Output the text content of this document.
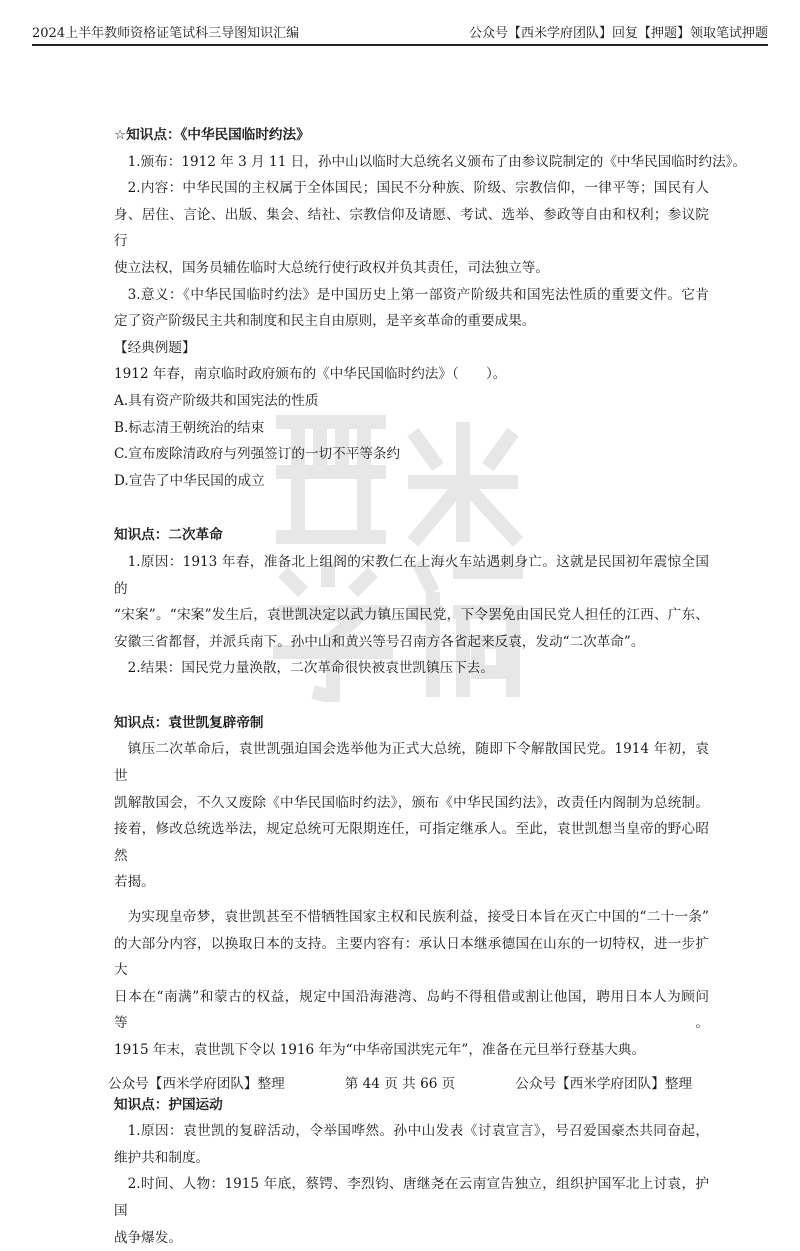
2024上半年教师资格证笔试科三导图知识汇编	公众号【西米学府团队】回复【押题】领取笔试押题
☆知识点：《中华民国临时约法》
1.颁布：1912 年 3 月 11 日，孙中山以临时大总统名义颁布了由参议院制定的《中华民国临时约法》。
2.内容：中华民国的主权属于全体国民；国民不分种族、阶级、宗教信仰，一律平等；国民有人
身、居住、言论、出版、集会、结社、宗教信仰及请愿、考试、选举、参政等自由和权利；参议院行
使立法权，国务员辅佐临时大总统行使行政权并负其责任，司法独立等。
3.意义：《中华民国临时约法》是中国历史上第一部资产阶级共和国宪法性质的重要文件。它肯
定了资产阶级民主共和制度和民主自由原则，是辛亥革命的重要成果。
【经典例题】
1912 年春，南京临时政府颁布的《中华民国临时约法》（　　）。
A.具有资产阶级共和国宪法的性质
B.标志清王朝统治的结束
C.宣布废除清政府与列强签订的一切不平等条约
D.宣告了中华民国的成立
知识点：二次革命
1.原因：1913 年春，准备北上组阁的宋教仁在上海火车站遇刺身亡。这就是民国初年震惊全国的
“宋案”。“宋案”发生后，袁世凯决定以武力镇压国民党，下令罢免由国民党人担任的江西、广东、
安徽三省都督，并派兵南下。孙中山和黄兴等号召南方各省起来反袁，发动“二次革命”。
2.结果：国民党力量涣散，二次革命很快被袁世凯镇压下去。
知识点：袁世凯复辟帝制
镇压二次革命后，袁世凯强迫国会选举他为正式大总统，随即下令解散国民党。1914 年初，袁世
凯解散国会，不久又废除《中华民国临时约法》，颁布《中华民国约法》，改责任内阁制为总统制。
接着，修改总统选举法，规定总统可无限期连任，可指定继承人。至此，袁世凯想当皇帝的野心昭然
若揭。
为实现皇帝梦，袁世凯甚至不惜牺牲国家主权和民族利益，接受日本旨在灭亡中国的“二十一条”
的大部分内容，以换取日本的支持。主要内容有：承认日本继承德国在山东的一切特权，进一步扩大
日本在“南满”和蒙古的权益，规定中国沿海港湾、岛屿不得租借或割让他国，聘用日本人为顾问等。
1915 年末，袁世凯下令以 1916 年为“中华帝国洪宪元年”，准备在元旦举行登基大典。
知识点：护国运动
1.原因：袁世凯的复辟活动，令举国哗然。孙中山发表《讨袁宣言》，号召爱国豪杰共同奋起，
维护共和制度。
2.时间、人物：1915 年底，蔡锷、李烈钧、唐继尧在云南宣告独立，组织护国军北上讨袁，护国
战争爆发。
公众号【西米学府团队】整理	第 44 页 共 66 页	公众号【西米学府团队】整理
